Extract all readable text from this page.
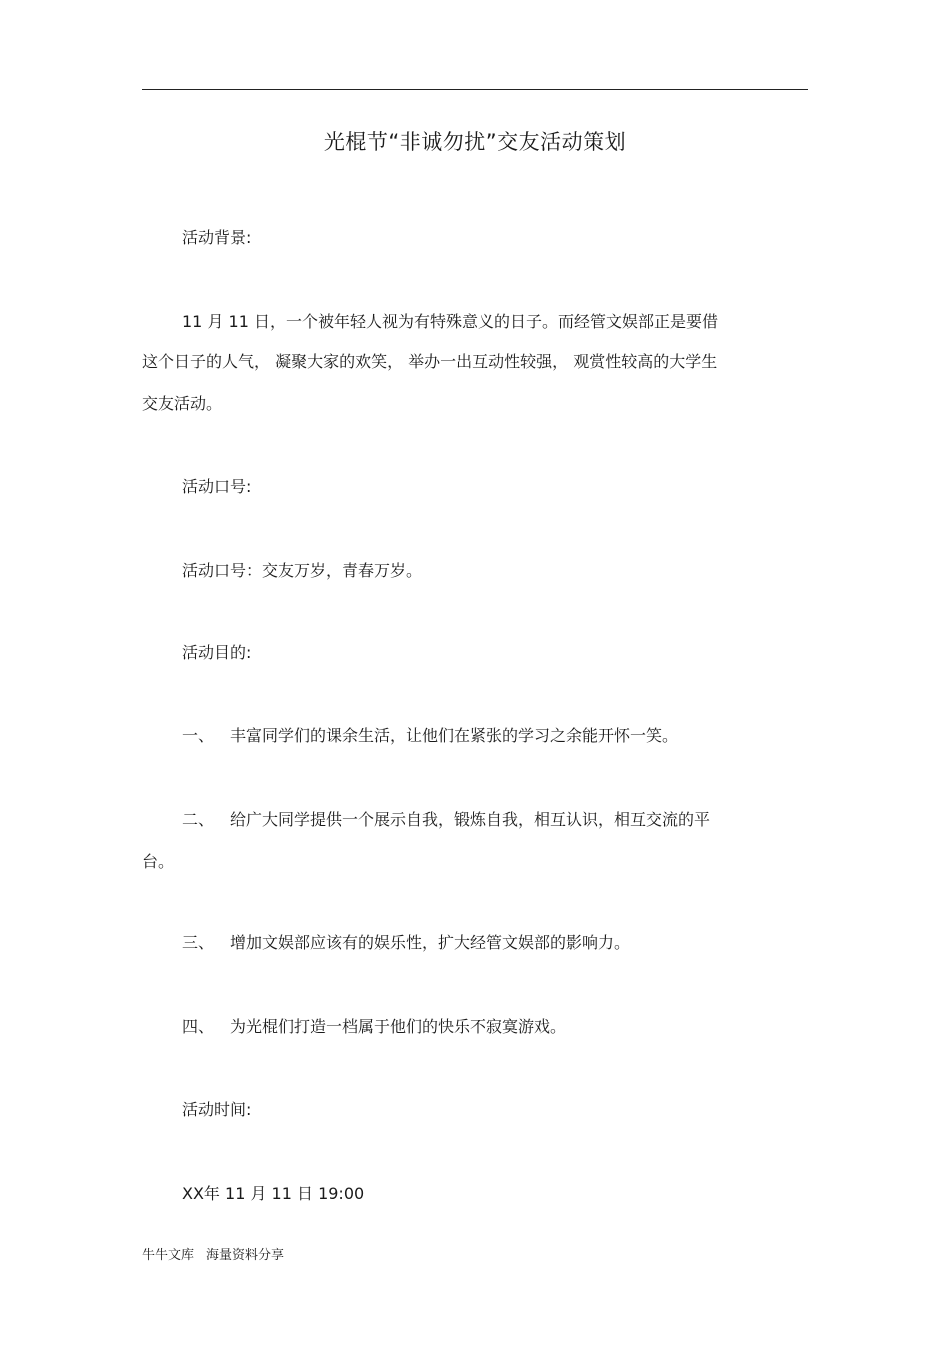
光棍节“非诚勿扰”交友活动策划
活动背景:
11 月 11 日，一个被年轻人视为有特殊意义的日子。而经管文娱部正是要借
这个日子的人气， 凝聚大家的欢笑， 举办一出互动性较强， 观赏性较高的大学生
交友活动。
活动口号:
活动口号：交友万岁，青春万岁。
活动目的:
一、 丰富同学们的课余生活，让他们在紧张的学习之余能开怀一笑。
二、 给广大同学提供一个展示自我，锻炼自我，相互认识，相互交流的平
台。
三、 增加文娱部应该有的娱乐性，扩大经管文娱部的影响力。
四、 为光棍们打造一档属于他们的快乐不寂寞游戏。
活动时间:
XX年 11 月 11 日 19:00
牛牛文库 海量资料分享
